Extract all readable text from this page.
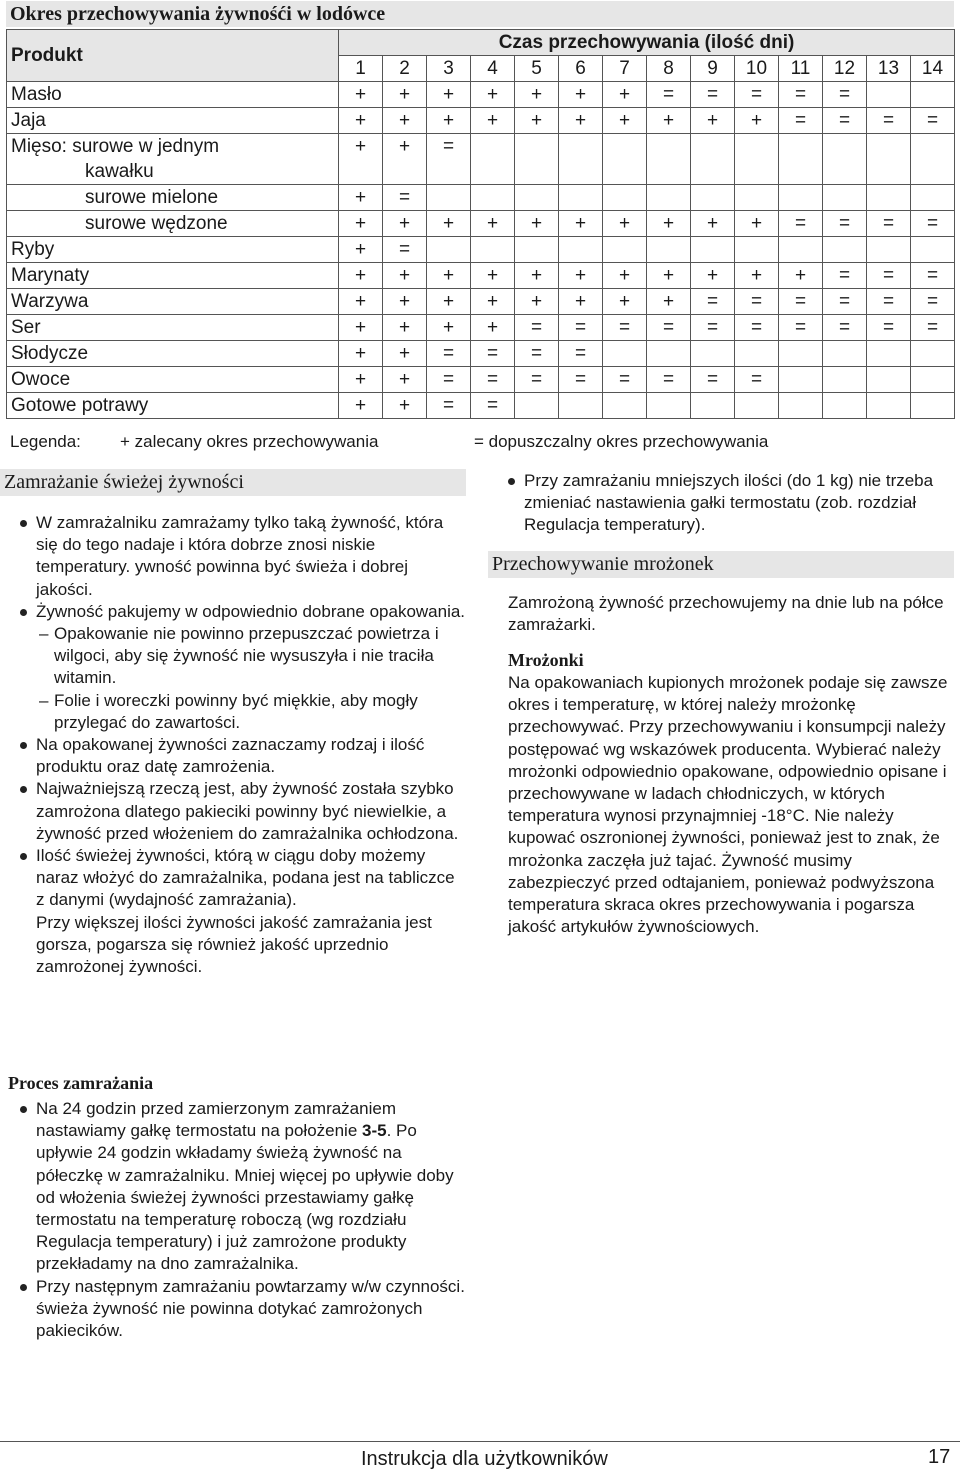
Okres przechowywania żywnośći w lodówce
Produkt	Czas przechowywania (ilość dni)													
	1	2	3	4	5	6	7	8	9	10	11	12	13	14
Masło	+	+	+	+	+	+	+	=	=	=	=	=		
Jaja	+	+	+	+	+	+	+	+	+	+	=	=	=	=
Mięso: surowe w jednym	+	+	=											
kawałku														
surowe mielone	+	=												
surowe wędzone	+	+	+	+	+	+	+	+	+	+	=	=	=	=
Ryby	+	=												
Marynaty	+	+	+	+	+	+	+	+	+	+	+	=	=	=
Warzywa	+	+	+	+	+	+	+	+	=	=	=	=	=	=
Ser	+	+	+	+	=	=	=	=	=	=	=	=	=	=
Słodycze	+	+	=	=	=	=								
Owoce	+	+	=	=	=	=	=	=	=	=				
Gotowe potrawy	+	+	=	=										
Legenda: + zalecany okres przechowywania	= dopuszczalny okres przechowywania
Zamrażanie świeżej żywności

W zamrażalniku zamrażamy tylko taką żywność, która się do tego nadaje i która dobrze znosi niskie temperatury. ywność powinna być świeża i dobrej jakości.

Żywność pakujemy w odpowiednio dobrane opakowania.

– Opakowanie nie powinno przepuszczać powietrza i wilgoci, aby się żywność nie wysuszyła i nie traciła witamin.

– Folie i woreczki powinny być miękkie, aby mogły przylegać do zawartości.

Na opakowanej żywności zaznaczamy rodzaj i ilość produktu oraz datę zamrożenia.

Najważniejszą rzeczą jest, aby żywność została szybko zamrożona dlatego pakieciki powinny być niewielkie, a żywność przed włożeniem do zamrażalnika ochłodzona.

Ilość świeżej żywności, którą w ciągu doby możemy naraz włożyć do zamrażalnika, podana jest na tabliczce z danymi (wydajność zamrażania).

Przy większej ilości żywności jakość zamrażania jest gorsza, pogarsza się również jakość uprzednio zamrożonej żywności.

Proces zamrażania

Na 24 godzin przed zamierzonym zamrażaniem nastawiamy gałkę termostatu na położenie 3-5. Po upływie 24 godzin wkładamy świeżą żywność na półeczkę w zamrażalniku. Mniej więcej po upływie doby od włożenia świeżej żywności przestawiamy gałkę termostatu na temperaturę roboczą (wg rozdziału Regulacja temperatury) i już zamrożone produkty przekładamy na dno zamrażalnika.

Przy następnym zamrażaniu powtarzamy w/w czynności. świeża żywność nie powinna dotykać zamrożonych pakiecików.

Przy zamrażaniu mniejszych ilości (do 1 kg) nie trzeba zmieniać nastawienia gałki termostatu (zob. rozdział Regulacja temperatury).

Przechowywanie mrożonek
Zamrożoną żywność przechowujemy na dnie lub na półce zamrażarki.
Mrożonki
Na opakowaniach kupionych mrożonek podaje się zawsze okres i temperaturę, w której należy mrożonkę przechowywać. Przy przechowywaniu i konsumpcji należy postępować wg wskazówek producenta. Wybierać należy mrożonki odpowiednio opakowane, odpowiednio opisane i przechowywane w ladach chłodniczych, w których temperatura wynosi przynajmniej -18°C. Nie należy kupować oszronionej żywności, ponieważ jest to znak, że mrożonka zaczęła już tajać. Żywność musimy zabezpieczyć przed odtajaniem, ponieważ podwyższona temperatura skraca okres przechowywania i pogarsza jakość artykułów żywnościowych.
Instrukcja dla użytkowników	17
